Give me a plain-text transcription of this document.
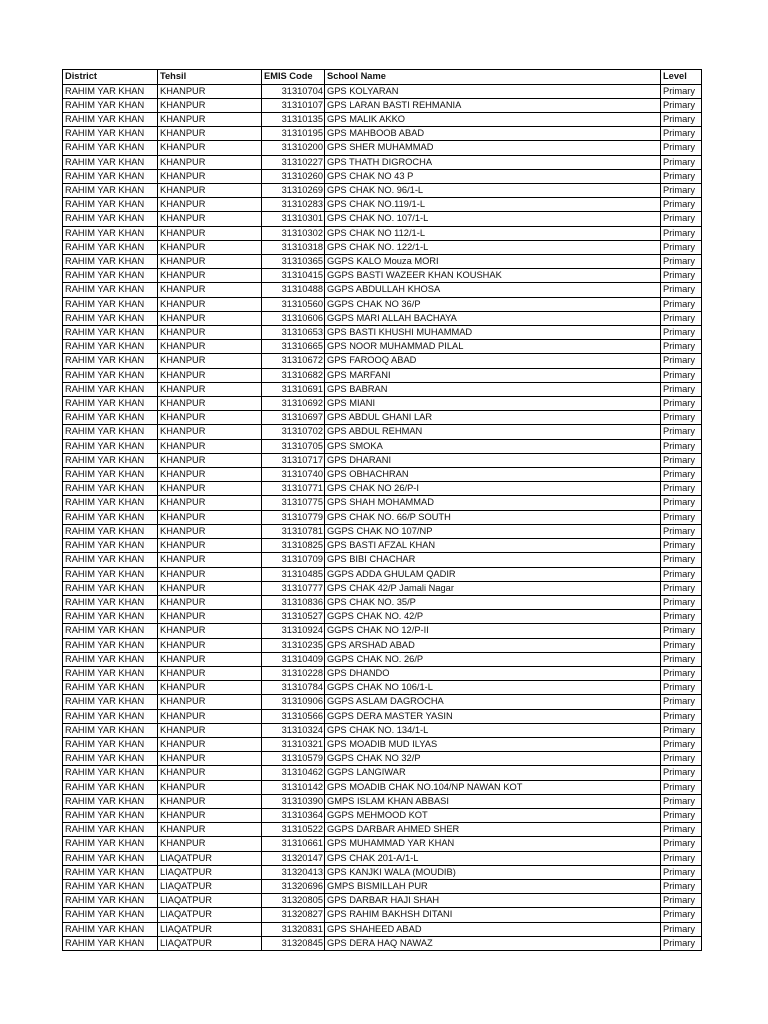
District	Tehsil	EMIS Code	School Name	Level
RAHIM YAR KHAN	KHANPUR	31310704	GPS KOLYARAN	Primary
RAHIM YAR KHAN	KHANPUR	31310107	GPS LARAN BASTI REHMANIA	Primary
RAHIM YAR KHAN	KHANPUR	31310135	GPS MALIK AKKO	Primary
RAHIM YAR KHAN	KHANPUR	31310195	GPS MAHBOOB ABAD	Primary
RAHIM YAR KHAN	KHANPUR	31310200	GPS SHER MUHAMMAD	Primary
RAHIM YAR KHAN	KHANPUR	31310227	GPS THATH DIGROCHA	Primary
RAHIM YAR KHAN	KHANPUR	31310260	GPS CHAK NO 43 P	Primary
RAHIM YAR KHAN	KHANPUR	31310269	GPS CHAK NO. 96/1-L	Primary
RAHIM YAR KHAN	KHANPUR	31310283	GPS CHAK NO.119/1-L	Primary
RAHIM YAR KHAN	KHANPUR	31310301	GPS CHAK NO. 107/1-L	Primary
RAHIM YAR KHAN	KHANPUR	31310302	GPS CHAK NO 112/1-L	Primary
RAHIM YAR KHAN	KHANPUR	31310318	GPS CHAK NO. 122/1-L	Primary
RAHIM YAR KHAN	KHANPUR	31310365	GGPS KALO Mouza MORI	Primary
RAHIM YAR KHAN	KHANPUR	31310415	GGPS BASTI WAZEER KHAN KOUSHAK	Primary
RAHIM YAR KHAN	KHANPUR	31310488	GGPS ABDULLAH KHOSA	Primary
RAHIM YAR KHAN	KHANPUR	31310560	GGPS CHAK NO 36/P	Primary
RAHIM YAR KHAN	KHANPUR	31310606	GGPS MARI ALLAH BACHAYA	Primary
RAHIM YAR KHAN	KHANPUR	31310653	GPS BASTI KHUSHI MUHAMMAD	Primary
RAHIM YAR KHAN	KHANPUR	31310665	GPS NOOR MUHAMMAD PILAL	Primary
RAHIM YAR KHAN	KHANPUR	31310672	GPS FAROOQ ABAD	Primary
RAHIM YAR KHAN	KHANPUR	31310682	GPS MARFANI	Primary
RAHIM YAR KHAN	KHANPUR	31310691	GPS BABRAN	Primary
RAHIM YAR KHAN	KHANPUR	31310692	GPS MIANI	Primary
RAHIM YAR KHAN	KHANPUR	31310697	GPS ABDUL GHANI LAR	Primary
RAHIM YAR KHAN	KHANPUR	31310702	GPS ABDUL REHMAN	Primary
RAHIM YAR KHAN	KHANPUR	31310705	GPS SMOKA	Primary
RAHIM YAR KHAN	KHANPUR	31310717	GPS DHARANI	Primary
RAHIM YAR KHAN	KHANPUR	31310740	GPS OBHACHRAN	Primary
RAHIM YAR KHAN	KHANPUR	31310771	GPS CHAK NO 26/P-I	Primary
RAHIM YAR KHAN	KHANPUR	31310775	GPS SHAH MOHAMMAD	Primary
RAHIM YAR KHAN	KHANPUR	31310779	GPS CHAK NO. 66/P SOUTH	Primary
RAHIM YAR KHAN	KHANPUR	31310781	GGPS CHAK NO 107/NP	Primary
RAHIM YAR KHAN	KHANPUR	31310825	GPS BASTI AFZAL KHAN	Primary
RAHIM YAR KHAN	KHANPUR	31310709	GPS BIBI CHACHAR	Primary
RAHIM YAR KHAN	KHANPUR	31310485	GGPS ADDA GHULAM QADIR	Primary
RAHIM YAR KHAN	KHANPUR	31310777	GPS CHAK 42/P Jamali Nagar	Primary
RAHIM YAR KHAN	KHANPUR	31310836	GPS CHAK NO. 35/P	Primary
RAHIM YAR KHAN	KHANPUR	31310527	GGPS CHAK NO. 42/P	Primary
RAHIM YAR KHAN	KHANPUR	31310924	GGPS CHAK NO 12/P-II	Primary
RAHIM YAR KHAN	KHANPUR	31310235	GPS ARSHAD ABAD	Primary
RAHIM YAR KHAN	KHANPUR	31310409	GGPS CHAK NO. 26/P	Primary
RAHIM YAR KHAN	KHANPUR	31310228	GPS DHANDO	Primary
RAHIM YAR KHAN	KHANPUR	31310784	GGPS CHAK NO 106/1-L	Primary
RAHIM YAR KHAN	KHANPUR	31310906	GGPS ASLAM DAGROCHA	Primary
RAHIM YAR KHAN	KHANPUR	31310566	GGPS DERA MASTER YASIN	Primary
RAHIM YAR KHAN	KHANPUR	31310324	GPS CHAK NO. 134/1-L	Primary
RAHIM YAR KHAN	KHANPUR	31310321	GPS MOADIB MUD ILYAS	Primary
RAHIM YAR KHAN	KHANPUR	31310579	GGPS CHAK NO 32/P	Primary
RAHIM YAR KHAN	KHANPUR	31310462	GGPS LANGIWAR	Primary
RAHIM YAR KHAN	KHANPUR	31310142	GPS MOADIB CHAK NO.104/NP NAWAN KOT	Primary
RAHIM YAR KHAN	KHANPUR	31310390	GMPS ISLAM KHAN ABBASI	Primary
RAHIM YAR KHAN	KHANPUR	31310364	GGPS MEHMOOD KOT	Primary
RAHIM YAR KHAN	KHANPUR	31310522	GGPS DARBAR AHMED SHER	Primary
RAHIM YAR KHAN	KHANPUR	31310661	GPS MUHAMMAD YAR KHAN	Primary
RAHIM YAR KHAN	LIAQATPUR	31320147	GPS CHAK 201-A/1-L	Primary
RAHIM YAR KHAN	LIAQATPUR	31320413	GPS KANJKI WALA (MOUDIB)	Primary
RAHIM YAR KHAN	LIAQATPUR	31320696	GMPS BISMILLAH PUR	Primary
RAHIM YAR KHAN	LIAQATPUR	31320805	GPS DARBAR HAJI SHAH	Primary
RAHIM YAR KHAN	LIAQATPUR	31320827	GPS RAHIM BAKHSH DITANI	Primary
RAHIM YAR KHAN	LIAQATPUR	31320831	GPS SHAHEED ABAD	Primary
RAHIM YAR KHAN	LIAQATPUR	31320845	GPS DERA HAQ NAWAZ	Primary
